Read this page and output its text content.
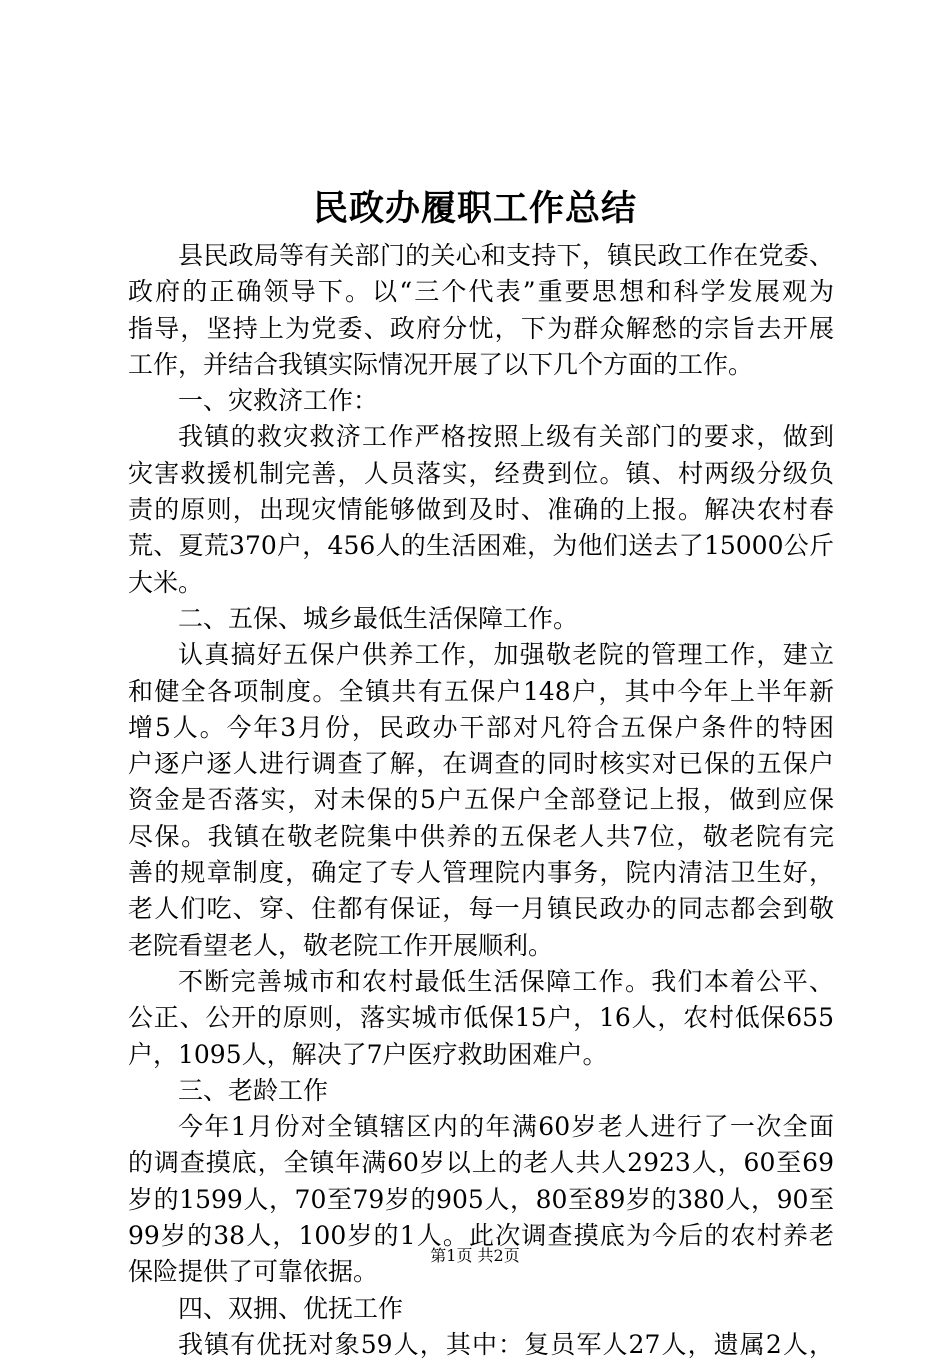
民政办履职工作总结
县民政局等有关部门的关心和支持下，镇民政工作在党委、
政府的正确领导下。以“三个代表”重要思想和科学发展观为
指导，坚持上为党委、政府分忧，下为群众解愁的宗旨去开展
工作，并结合我镇实际情况开展了以下几个方面的工作。
一、灾救济工作：
我镇的救灾救济工作严格按照上级有关部门的要求，做到
灾害救援机制完善，人员落实，经费到位。镇、村两级分级负
责的原则，出现灾情能够做到及时、准确的上报。解决农村春
荒、夏荒370户，456人的生活困难，为他们送去了15000公斤
大米。
二、五保、城乡最低生活保障工作。
认真搞好五保户供养工作，加强敬老院的管理工作，建立
和健全各项制度。全镇共有五保户148户，其中今年上半年新
增5人。今年3月份，民政办干部对凡符合五保户条件的特困
户逐户逐人进行调查了解，在调查的同时核实对已保的五保户
资金是否落实，对未保的5户五保户全部登记上报，做到应保
尽保。我镇在敬老院集中供养的五保老人共7位，敬老院有完
善的规章制度，确定了专人管理院内事务，院内清洁卫生好，
老人们吃、穿、住都有保证，每一月镇民政办的同志都会到敬
老院看望老人，敬老院工作开展顺利。
不断完善城市和农村最低生活保障工作。我们本着公平、
公正、公开的原则，落实城市低保15户，16人，农村低保655
户，1095人，解决了7户医疗救助困难户。
三、老龄工作
今年1月份对全镇辖区内的年满60岁老人进行了一次全面
的调查摸底，全镇年满60岁以上的老人共人2923人，60至69
岁的1599人，70至79岁的905人，80至89岁的380人，90至
99岁的38人，100岁的1人。此次调查摸底为今后的农村养老
保险提供了可靠依据。
四、双拥、优抚工作
我镇有优抚对象59人，其中：复员军人27人，遗属2人，
第1页 共2页
